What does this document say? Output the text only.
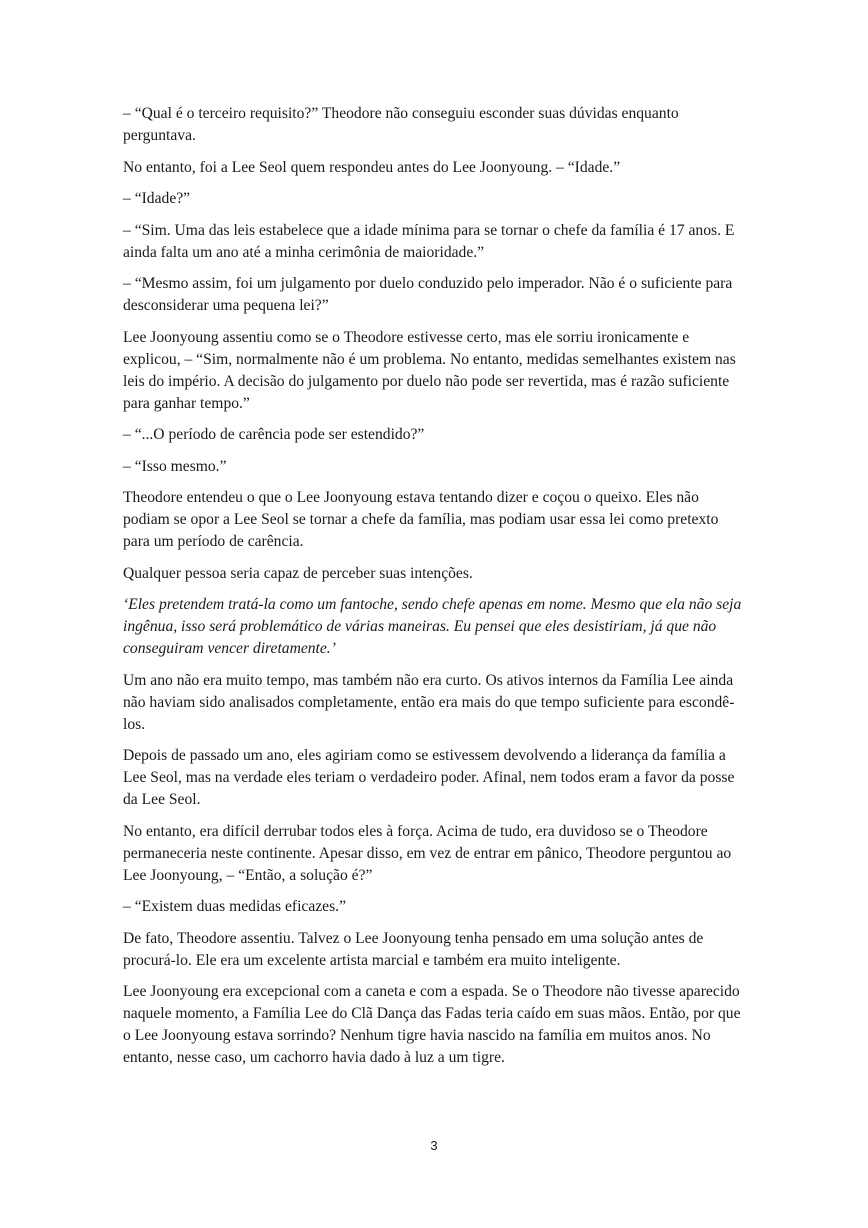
– “Qual é o terceiro requisito?” Theodore não conseguiu esconder suas dúvidas enquanto perguntava.

No entanto, foi a Lee Seol quem respondeu antes do Lee Joonyoung. – “Idade.”

– “Idade?”

– “Sim. Uma das leis estabelece que a idade mínima para se tornar o chefe da família é 17 anos. E ainda falta um ano até a minha cerimônia de maioridade.”

– “Mesmo assim, foi um julgamento por duelo conduzido pelo imperador. Não é o suficiente para desconsiderar uma pequena lei?”

Lee Joonyoung assentiu como se o Theodore estivesse certo, mas ele sorriu ironicamente e explicou, – “Sim, normalmente não é um problema. No entanto, medidas semelhantes existem nas leis do império. A decisão do julgamento por duelo não pode ser revertida, mas é razão suficiente para ganhar tempo.”

– “...O período de carência pode ser estendido?”

– “Isso mesmo.”

Theodore entendeu o que o Lee Joonyoung estava tentando dizer e coçou o queixo. Eles não podiam se opor a Lee Seol se tornar a chefe da família, mas podiam usar essa lei como pretexto para um período de carência.

Qualquer pessoa seria capaz de perceber suas intenções.

‘Eles pretendem tratá-la como um fantoche, sendo chefe apenas em nome. Mesmo que ela não seja ingênua, isso será problemático de várias maneiras. Eu pensei que eles desistiriam, já que não conseguiram vencer diretamente.’

Um ano não era muito tempo, mas também não era curto. Os ativos internos da Família Lee ainda não haviam sido analisados completamente, então era mais do que tempo suficiente para escondê-los.

Depois de passado um ano, eles agiriam como se estivessem devolvendo a liderança da família a Lee Seol, mas na verdade eles teriam o verdadeiro poder. Afinal, nem todos eram a favor da posse da Lee Seol.

No entanto, era difícil derrubar todos eles à força. Acima de tudo, era duvidoso se o Theodore permaneceria neste continente. Apesar disso, em vez de entrar em pânico, Theodore perguntou ao Lee Joonyoung, – “Então, a solução é?”

– “Existem duas medidas eficazes.”

De fato, Theodore assentiu. Talvez o Lee Joonyoung tenha pensado em uma solução antes de procurá-lo. Ele era um excelente artista marcial e também era muito inteligente.

Lee Joonyoung era excepcional com a caneta e com a espada. Se o Theodore não tivesse aparecido naquele momento, a Família Lee do Clã Dança das Fadas teria caído em suas mãos. Então, por que o Lee Joonyoung estava sorrindo? Nenhum tigre havia nascido na família em muitos anos. No entanto, nesse caso, um cachorro havia dado à luz a um tigre.

3
